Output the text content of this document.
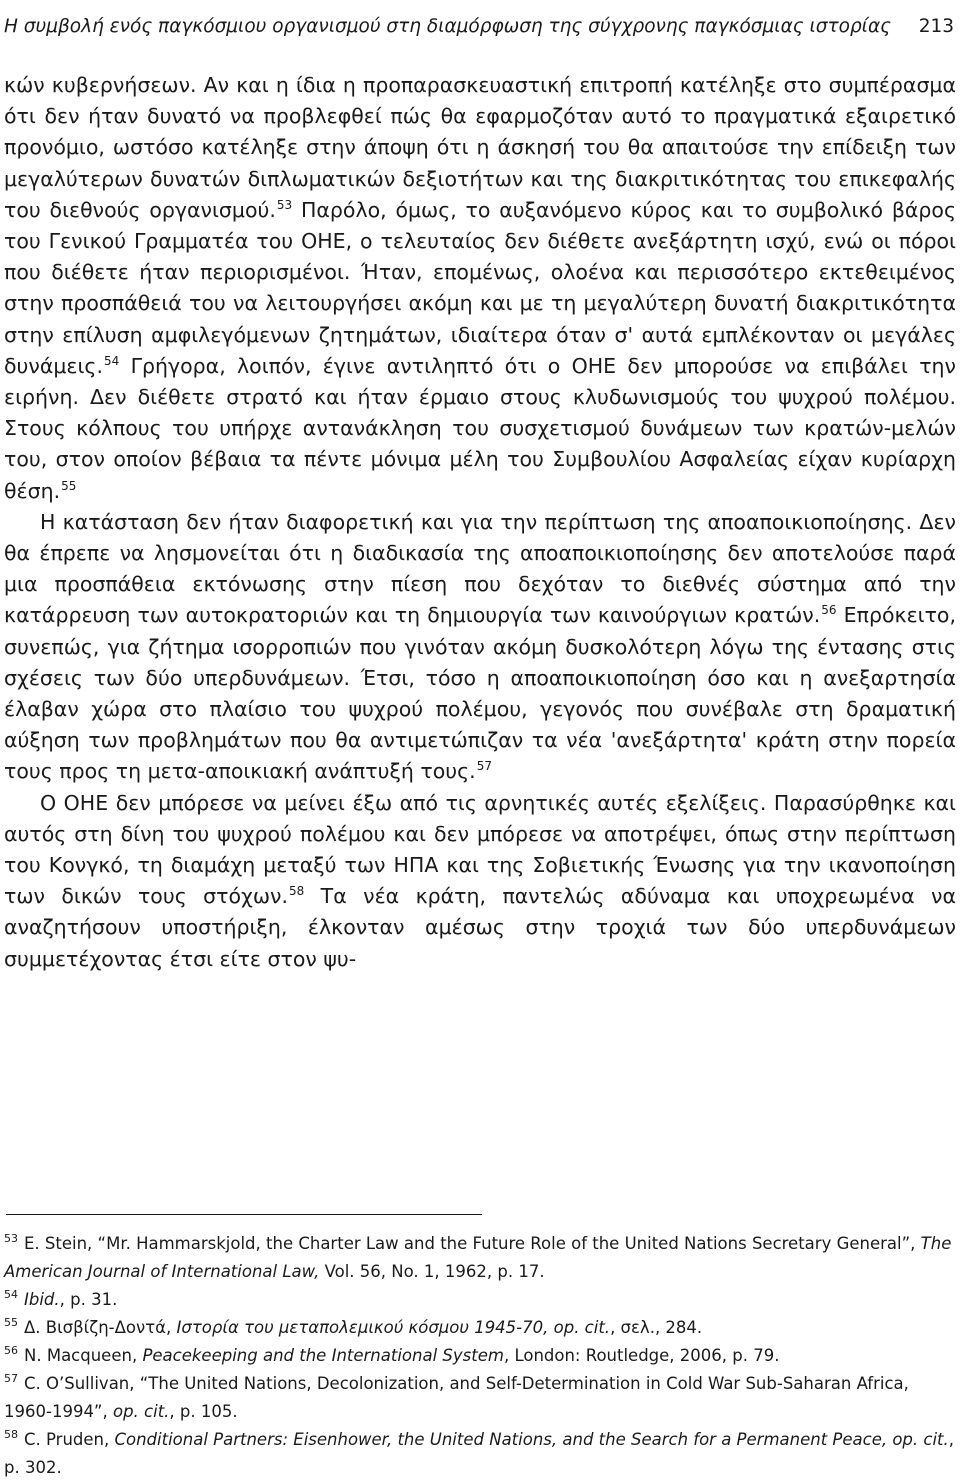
Η συμβολή ενός παγκόσμιου οργανισμού στη διαμόρφωση της σύγχρονης παγκόσμιας ιστορίας 213

κών κυβερνήσεων. Αν και η ίδια η προπαρασκευαστική επιτροπή κατέληξε στο συμπέρασμα ότι δεν ήταν δυνατό να προβλεφθεί πώς θα εφαρμοζόταν αυτό το πραγματικά εξαιρετικό προνόμιο, ωστόσο κατέληξε στην άποψη ότι η άσκησή του θα απαιτούσε την επίδειξη των μεγαλύτερων δυνατών διπλωματικών δεξιοτήτων και της διακριτικότητας του επικεφαλής του διεθνούς οργανισμού.$^{53}$ Παρόλο, όμως, το αυξανόμενο κύρος και το συμβολικό βάρος του Γενικού Γραμματέα του ΟΗΕ, ο τελευταίος δεν διέθετε ανεξάρτητη ισχύ, ενώ οι πόροι που διέθετε ήταν περιορισμένοι. Ήταν, επομένως, ολοένα και περισσότερο εκτεθειμένος στην προσπάθειά του να λειτουργήσει ακόμη και με τη μεγαλύτερη δυνατή διακριτικότητα στην επίλυση αμφιλεγόμενων ζητημάτων, ιδιαίτερα όταν σ' αυτά εμπλέκονταν οι μεγάλες δυνάμεις.$^{54}$ Γρήγορα, λοιπόν, έγινε αντιληπτό ότι ο ΟΗΕ δεν μπορούσε να επιβάλει την ειρήνη. Δεν διέθετε στρατό και ήταν έρμαιο στους κλυδωνισμούς του ψυχρού πολέμου. Στους κόλπους του υπήρχε αντανάκληση του συσχετισμού δυνάμεων των κρατών-μελών του, στον οποίον βέβαια τα πέντε μόνιμα μέλη του Συμβουλίου Ασφαλείας είχαν κυρίαρχη θέση.$^{55}$

Η κατάσταση δεν ήταν διαφορετική και για την περίπτωση της αποαποικιοποίησης. Δεν θα έπρεπε να λησμονείται ότι η διαδικασία της αποαποικιοποίησης δεν αποτελούσε παρά μια προσπάθεια εκτόνωσης στην πίεση που δεχόταν το διεθνές σύστημα από την κατάρρευση των αυτοκρατοριών και τη δημιουργία των καινούργιων κρατών.$^{56}$ Επρόκειτο, συνεπώς, για ζήτημα ισορροπιών που γινόταν ακόμη δυσκολότερη λόγω της έντασης στις σχέσεις των δύο υπερδυνάμεων. Έτσι, τόσο η αποαποικιοποίηση όσο και η ανεξαρτησία έλαβαν χώρα στο πλαίσιο του ψυχρού πολέμου, γεγονός που συνέβαλε στη δραματική αύξηση των προβλημάτων που θα αντιμετώπιζαν τα νέα 'ανεξάρτητα' κράτη στην πορεία τους προς τη μετα-αποικιακή ανάπτυξή τους.$^{57}$

Ο ΟΗΕ δεν μπόρεσε να μείνει έξω από τις αρνητικές αυτές εξελίξεις. Παρασύρθηκε και αυτός στη δίνη του ψυχρού πολέμου και δεν μπόρεσε να αποτρέψει, όπως στην περίπτωση του Κονγκό, τη διαμάχη μεταξύ των ΗΠΑ και της Σοβιετικής Ένωσης για την ικανοποίηση των δικών τους στόχων.$^{58}$ Τα νέα κράτη, παντελώς αδύναμα και υποχρεωμένα να αναζητήσουν υποστήριξη, έλκονταν αμέσως στην τροχιά των δύο υπερδυνάμεων συμμετέχοντας έτσι είτε στον ψυ-

$^{53}$ E. Stein, “Mr. Hammarskjold, the Charter Law and the Future Role of the United Nations Secretary General”, The American Journal of International Law, Vol. 56, No. 1, 1962, p. 17.

$^{54}$ Ibid., p. 31.

$^{55}$ Δ. Βισβίζη-Δοντά, Ιστορία του μεταπολεμικού κόσμου 1945-70, op. cit., σελ., 284.

$^{56}$ N. Macqueen, Peacekeeping and the International System, London: Routledge, 2006, p. 79.

$^{57}$ C. O’Sullivan, “The United Nations, Decolonization, and Self-Determination in Cold War Sub-Saharan Africa, 1960-1994”, op. cit., p. 105.

$^{58}$ C. Pruden, Conditional Partners: Eisenhower, the United Nations, and the Search for a Permanent Peace, op. cit., p. 302.
